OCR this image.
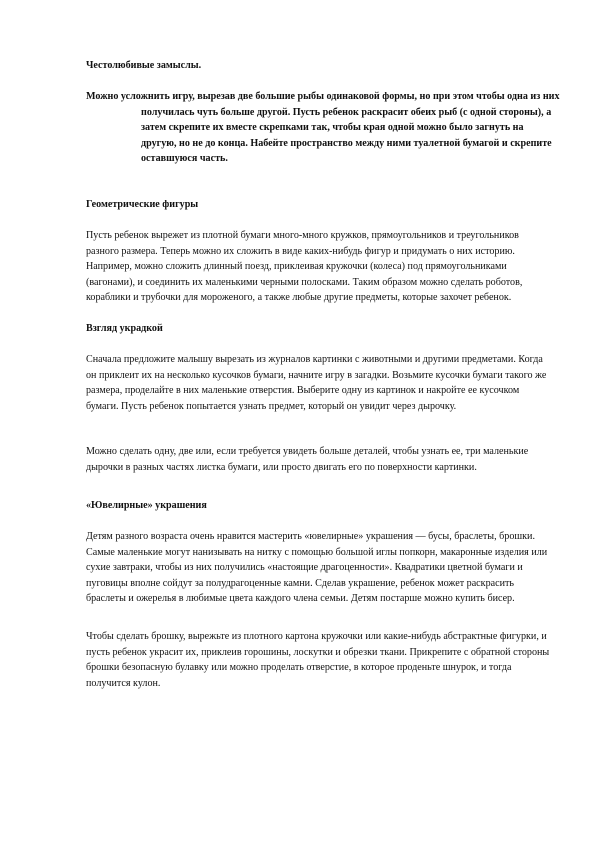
Честолюбивые замыслы.

Можно усложнить игру, вырезав две большие рыбы одинаковой формы, но при этом чтобы одна из них получилась чуть больше другой. Пусть ребенок раскрасит обеих рыб (с одной стороны), а затем скрепите их вместе скрепками так, чтобы края одной можно было загнуть на другую, но не до конца. Набейте пространство между ними туалетной бумагой и скрепите оставшуюся часть.

Геометрические фигуры

Пусть ребенок вырежет из плотной бумаги много-много кружков, прямоугольников и треугольников разного размера. Теперь можно их сложить в виде каких-нибудь фигур и придумать о них историю. Например, можно сложить длинный поезд, приклеивая кружочки (колеса) под прямоугольниками (вагонами), и соединить их маленькими черными полосками. Таким образом можно сделать роботов, кораблики и трубочки для мороженого, а также любые другие предметы, которые захочет ребенок.

Взгляд украдкой

Сначала предложите малышу вырезать из журналов картинки с животными и другими предметами. Когда он приклеит их на несколько кусочков бумаги, начните игру в загадки. Возьмите кусочки бумаги такого же размера, проделайте в них маленькие отверстия. Выберите одну из картинок и накройте ее кусочком бумаги. Пусть ребенок попытается узнать предмет, который он увидит через дырочку.

Можно сделать одну, две или, если требуется увидеть больше деталей, чтобы узнать ее, три маленькие дырочки в разных частях листка бумаги, или просто двигать его по поверхности картинки.

«Ювелирные» украшения

Детям разного возраста очень нравится мастерить «ювелирные» украшения — бусы, браслеты, брошки. Самые маленькие могут нанизывать на нитку с помощью большой иглы попкорн, макаронные изделия или сухие завтраки, чтобы из них получились «настоящие драгоценности». Квадратики цветной бумаги и пуговицы вполне сойдут за полудрагоценные камни. Сделав украшение, ребенок может раскрасить браслеты и ожерелья в любимые цвета каждого члена семьи. Детям постарше можно купить бисер.

Чтобы сделать брошку, вырежьте из плотного картона кружочки или какие-нибудь абстрактные фигурки, и пусть ребенок украсит их, приклеив горошины, лоскутки и обрезки ткани. Прикрепите с обратной стороны брошки безопасную булавку или можно проделать отверстие, в которое проденьте шнурок, и тогда получится кулон.
